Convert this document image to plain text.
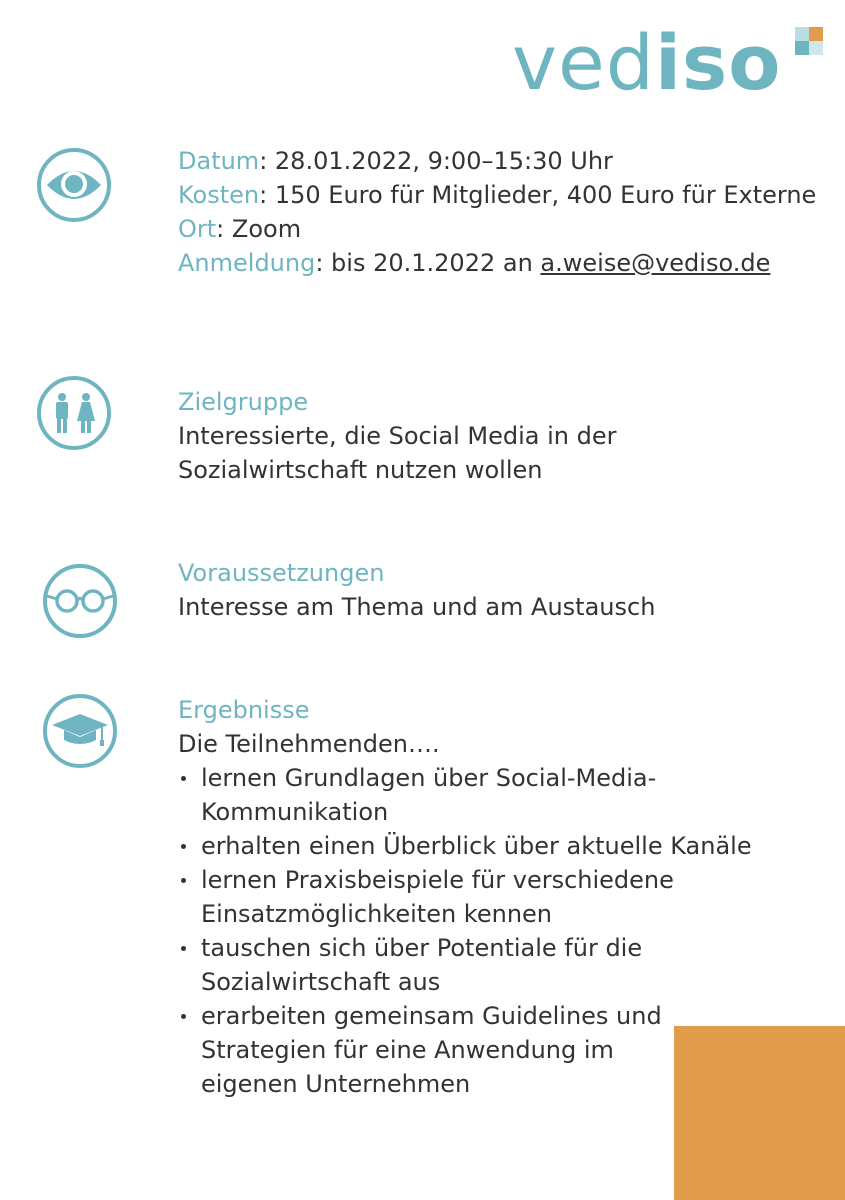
vediso

Datum: 28.01.2022, 9:00–15:30 Uhr

Kosten: 150 Euro für Mitglieder, 400 Euro für Externe

Ort: Zoom

Anmeldung: bis 20.1.2022 an a.weise@vediso.de

Zielgruppe

Interessierte, die Social Media in der Sozialwirtschaft nutzen wollen

Voraussetzungen

Interesse am Thema und am Austausch

Ergebnisse

Die Teilnehmenden….

lernen Grundlagen über Social-Media-Kommunikation
erhalten einen Überblick über aktuelle Kanäle
lernen Praxisbeispiele für verschiedene Einsatzmöglichkeiten kennen
tauschen sich über Potentiale für die Sozialwirtschaft aus
erarbeiten gemeinsam Guidelines und Strategien für eine Anwendung im eigenen Unternehmen
